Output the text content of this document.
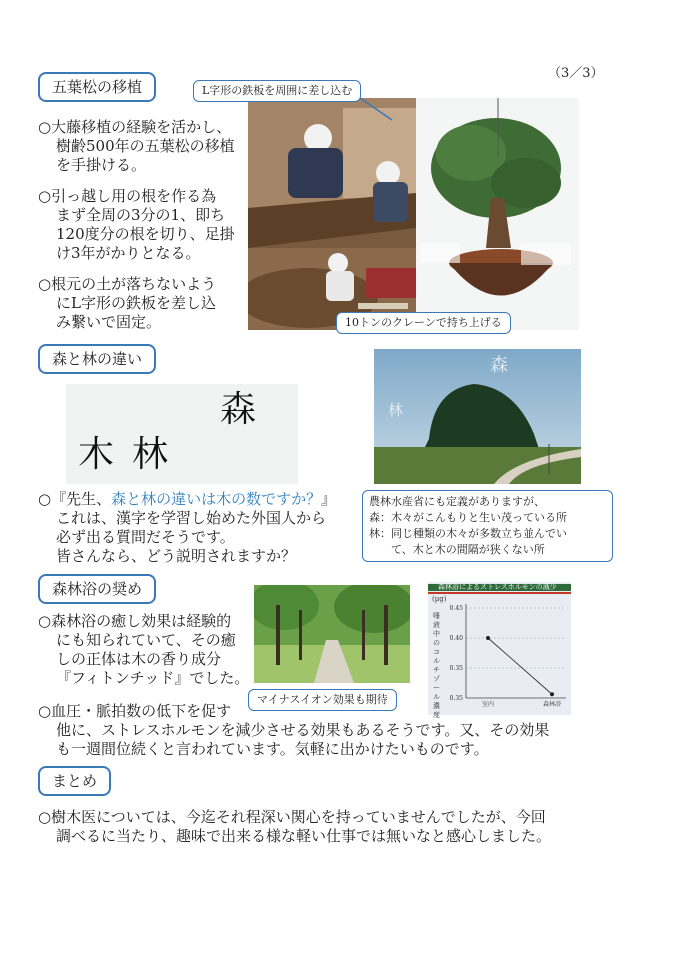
（3／3）
五葉松の移植
○大藤移植の経験を活かし、
樹齢500年の五葉松の移植
を手掛ける。
○引っ越し用の根を作る為
まず全周の3分の1、即ち
120度分の根を切り、足掛
け3年がかりとなる。
○根元の土が落ちないよう
にL字形の鉄板を差し込
み繋いで固定。
L字形の鉄板を周囲に差し込む
10トンのクレーンで持ち上げる
森と林の違い
木 林
森
森
林
○『先生、森と林の違いは木の数ですか？』
これは、漢字を学習し始めた外国人から
必ず出る質問だそうです。
皆さんなら、どう説明されますか？
農林水産省にも定義がありますが、
森：木々がこんもりと生い茂っている所
林：同じ種類の木々が多数立ち並んでい
　　て、木と木の間隔が狭くない所
森林浴の奨め
○森林浴の癒し効果は経験的
にも知られていて、その癒
しの正体は木の香り成分
『フィトンチッド』でした。
森林浴によるストレスホルモンの減少
(µg)
唾液中のコルチゾール濃度
0.45
0.40
0.35
0.35
室内	森林浴
マイナスイオン効果も期待
○血圧・脈拍数の低下を促す
他に、ストレスホルモンを減少させる効果もあるそうです。又、その効果
も一週間位続くと言われています。気軽に出かけたいものです。
まとめ
○樹木医については、今迄それ程深い関心を持っていませんでしたが、今回
調べるに当たり、趣味で出来る様な軽い仕事では無いなと感心しました。
